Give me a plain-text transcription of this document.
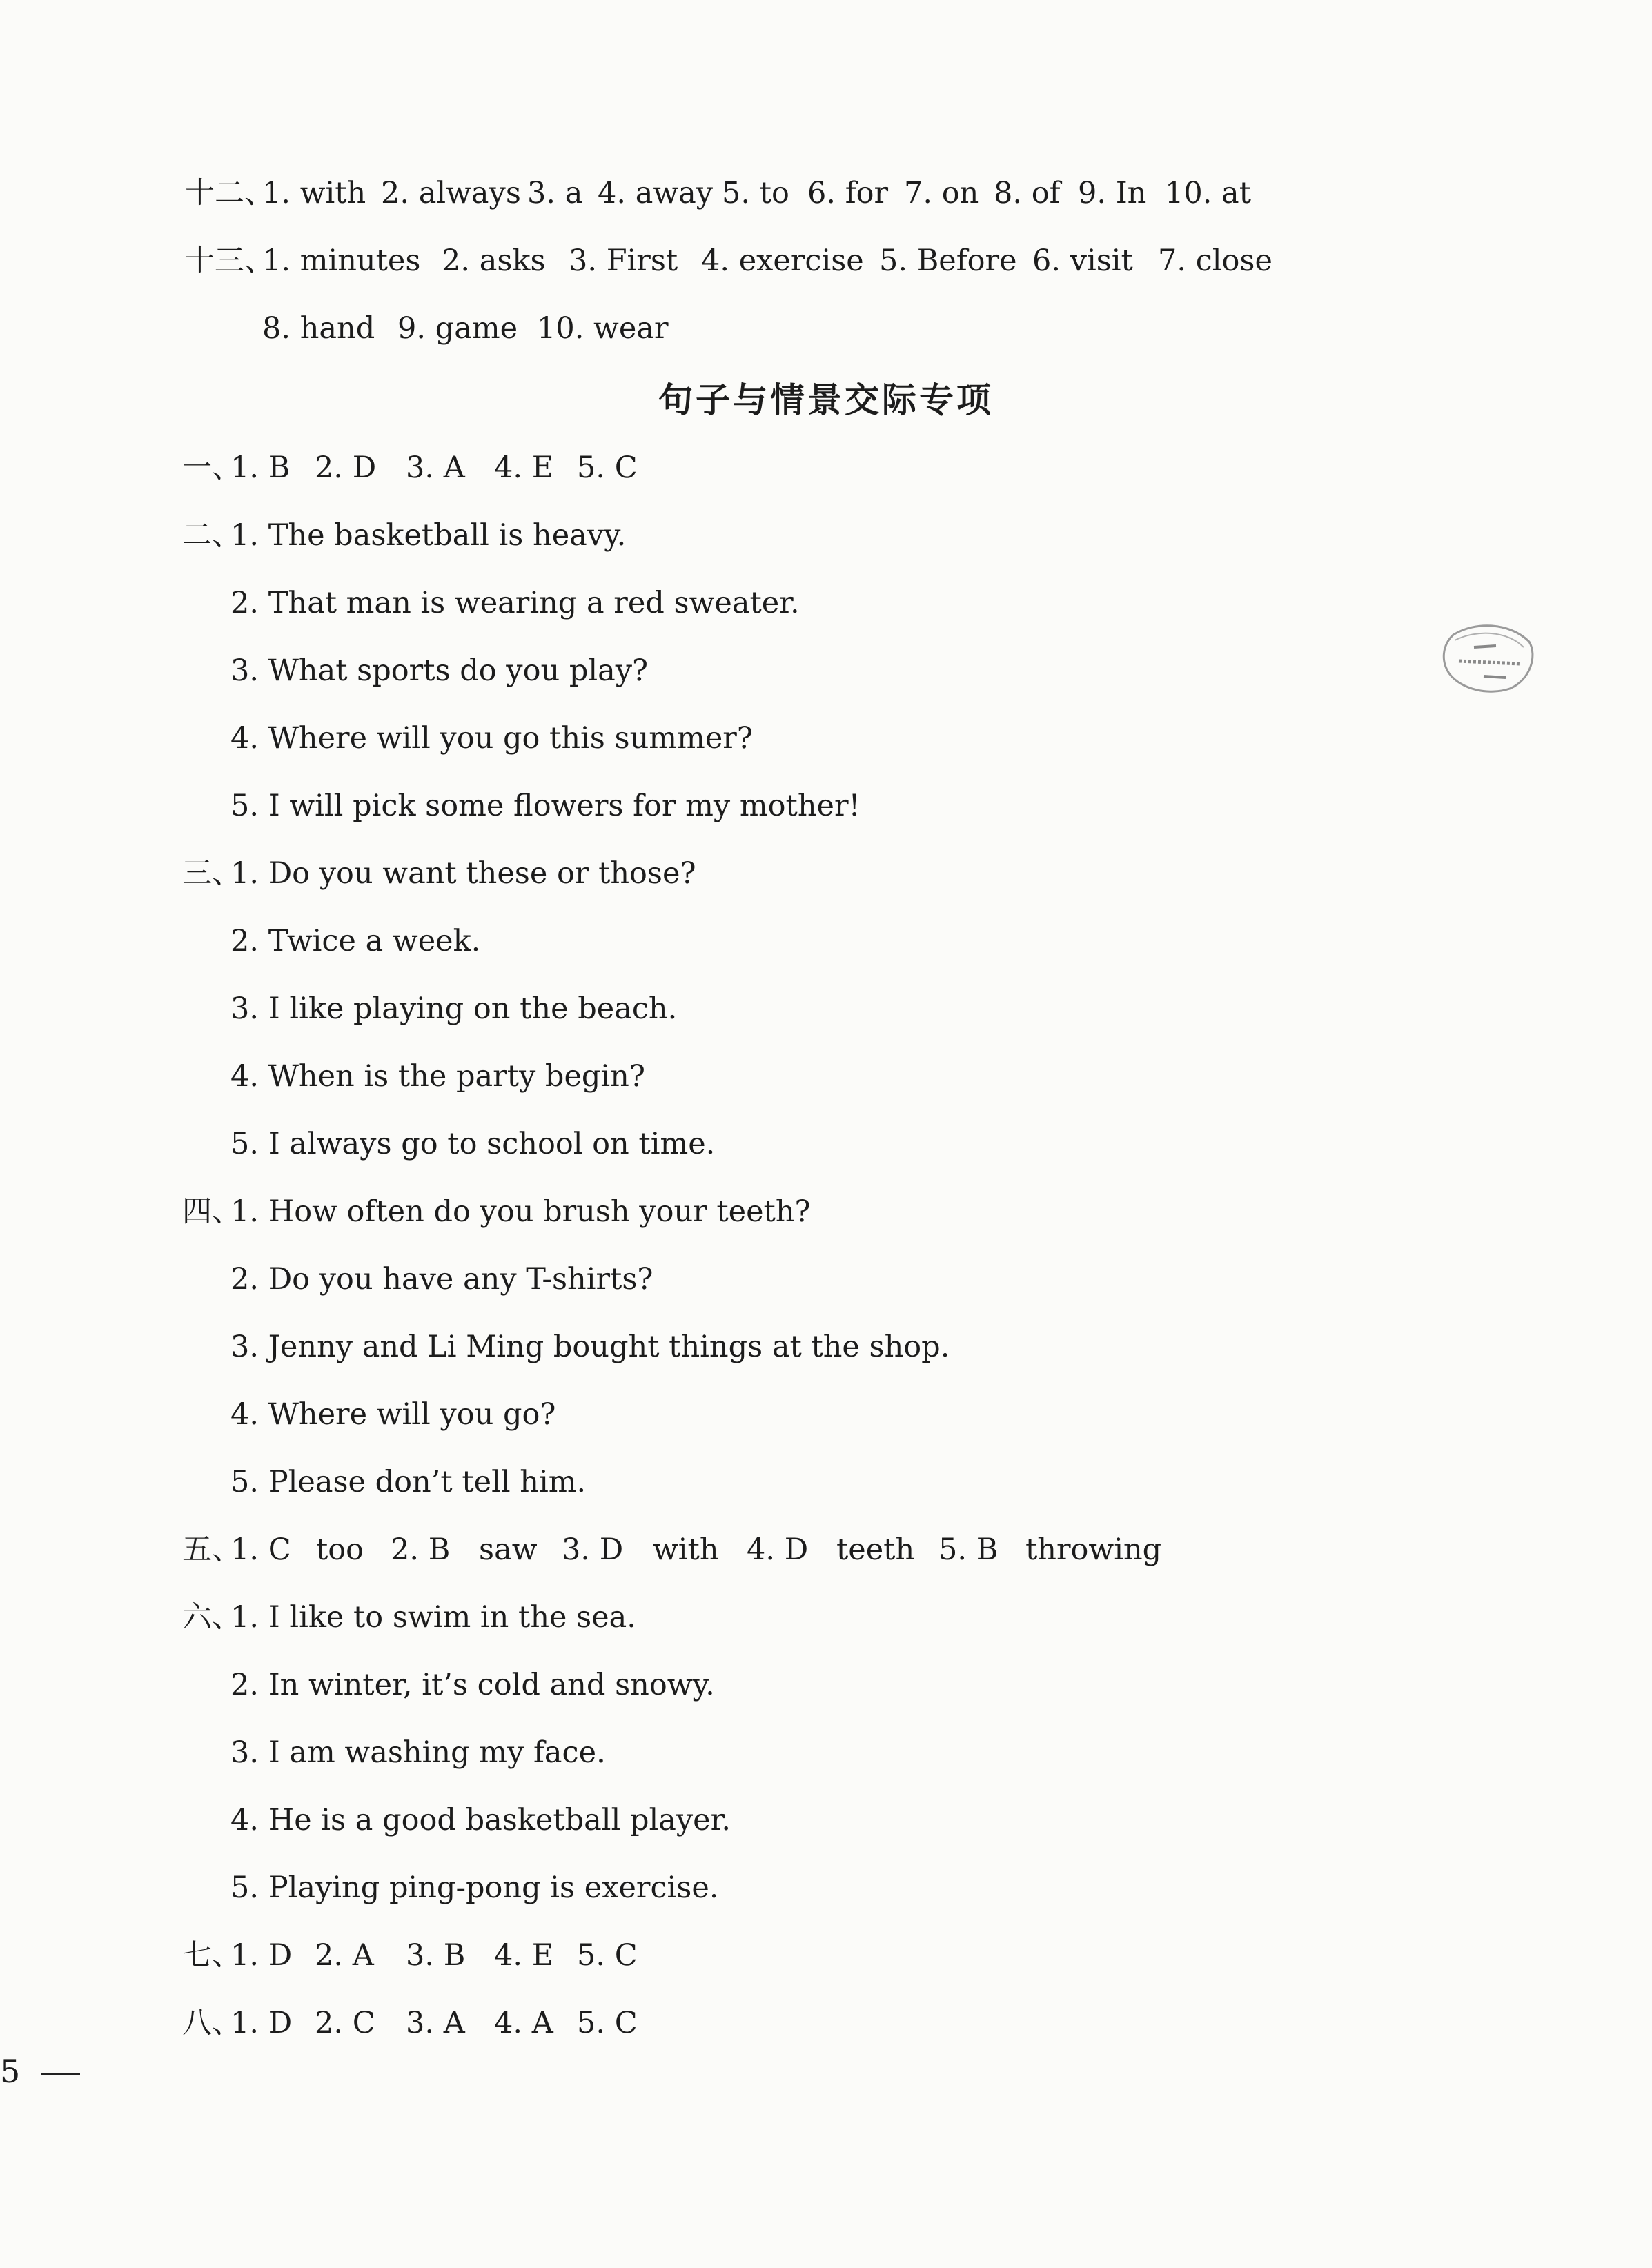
十二、
1. with 2. always 3. a 4. away 5. to 6. for 7. on 8. of 9. In 10. at
十三、
1. minutes 2. asks 3. First 4. exercise 5. Before 6. visit 7. close
8. hand 9. game 10. wear
句子与情景交际专项
一、
1. B 2. D 3. A 4. E 5. C
二、
1. The basketball is heavy.
2. That man is wearing a red sweater.
3. What sports do you play?
4. Where will you go this summer?
5. I will pick some flowers for my mother!
三、
1. Do you want these or those?
2. Twice a week.
3. I like playing on the beach.
4. When is the party begin?
5. I always go to school on time.
四、
1. How often do you brush your teeth?
2. Do you have any T-shirts?
3. Jenny and Li Ming bought things at the shop.
4. Where will you go?
5. Please don’t tell him.
五、
1. C too 2. B saw 3. D with 4. D teeth 5. B throwing
六、
1. I like to swim in the sea.
2. In winter, it’s cold and snowy.
3. I am washing my face.
4. He is a good basketball player.
5. Playing ping-pong is exercise.
七、
1. D 2. A 3. B 4. E 5. C
八、
1. D 2. C 3. A 4. A 5. C
5
